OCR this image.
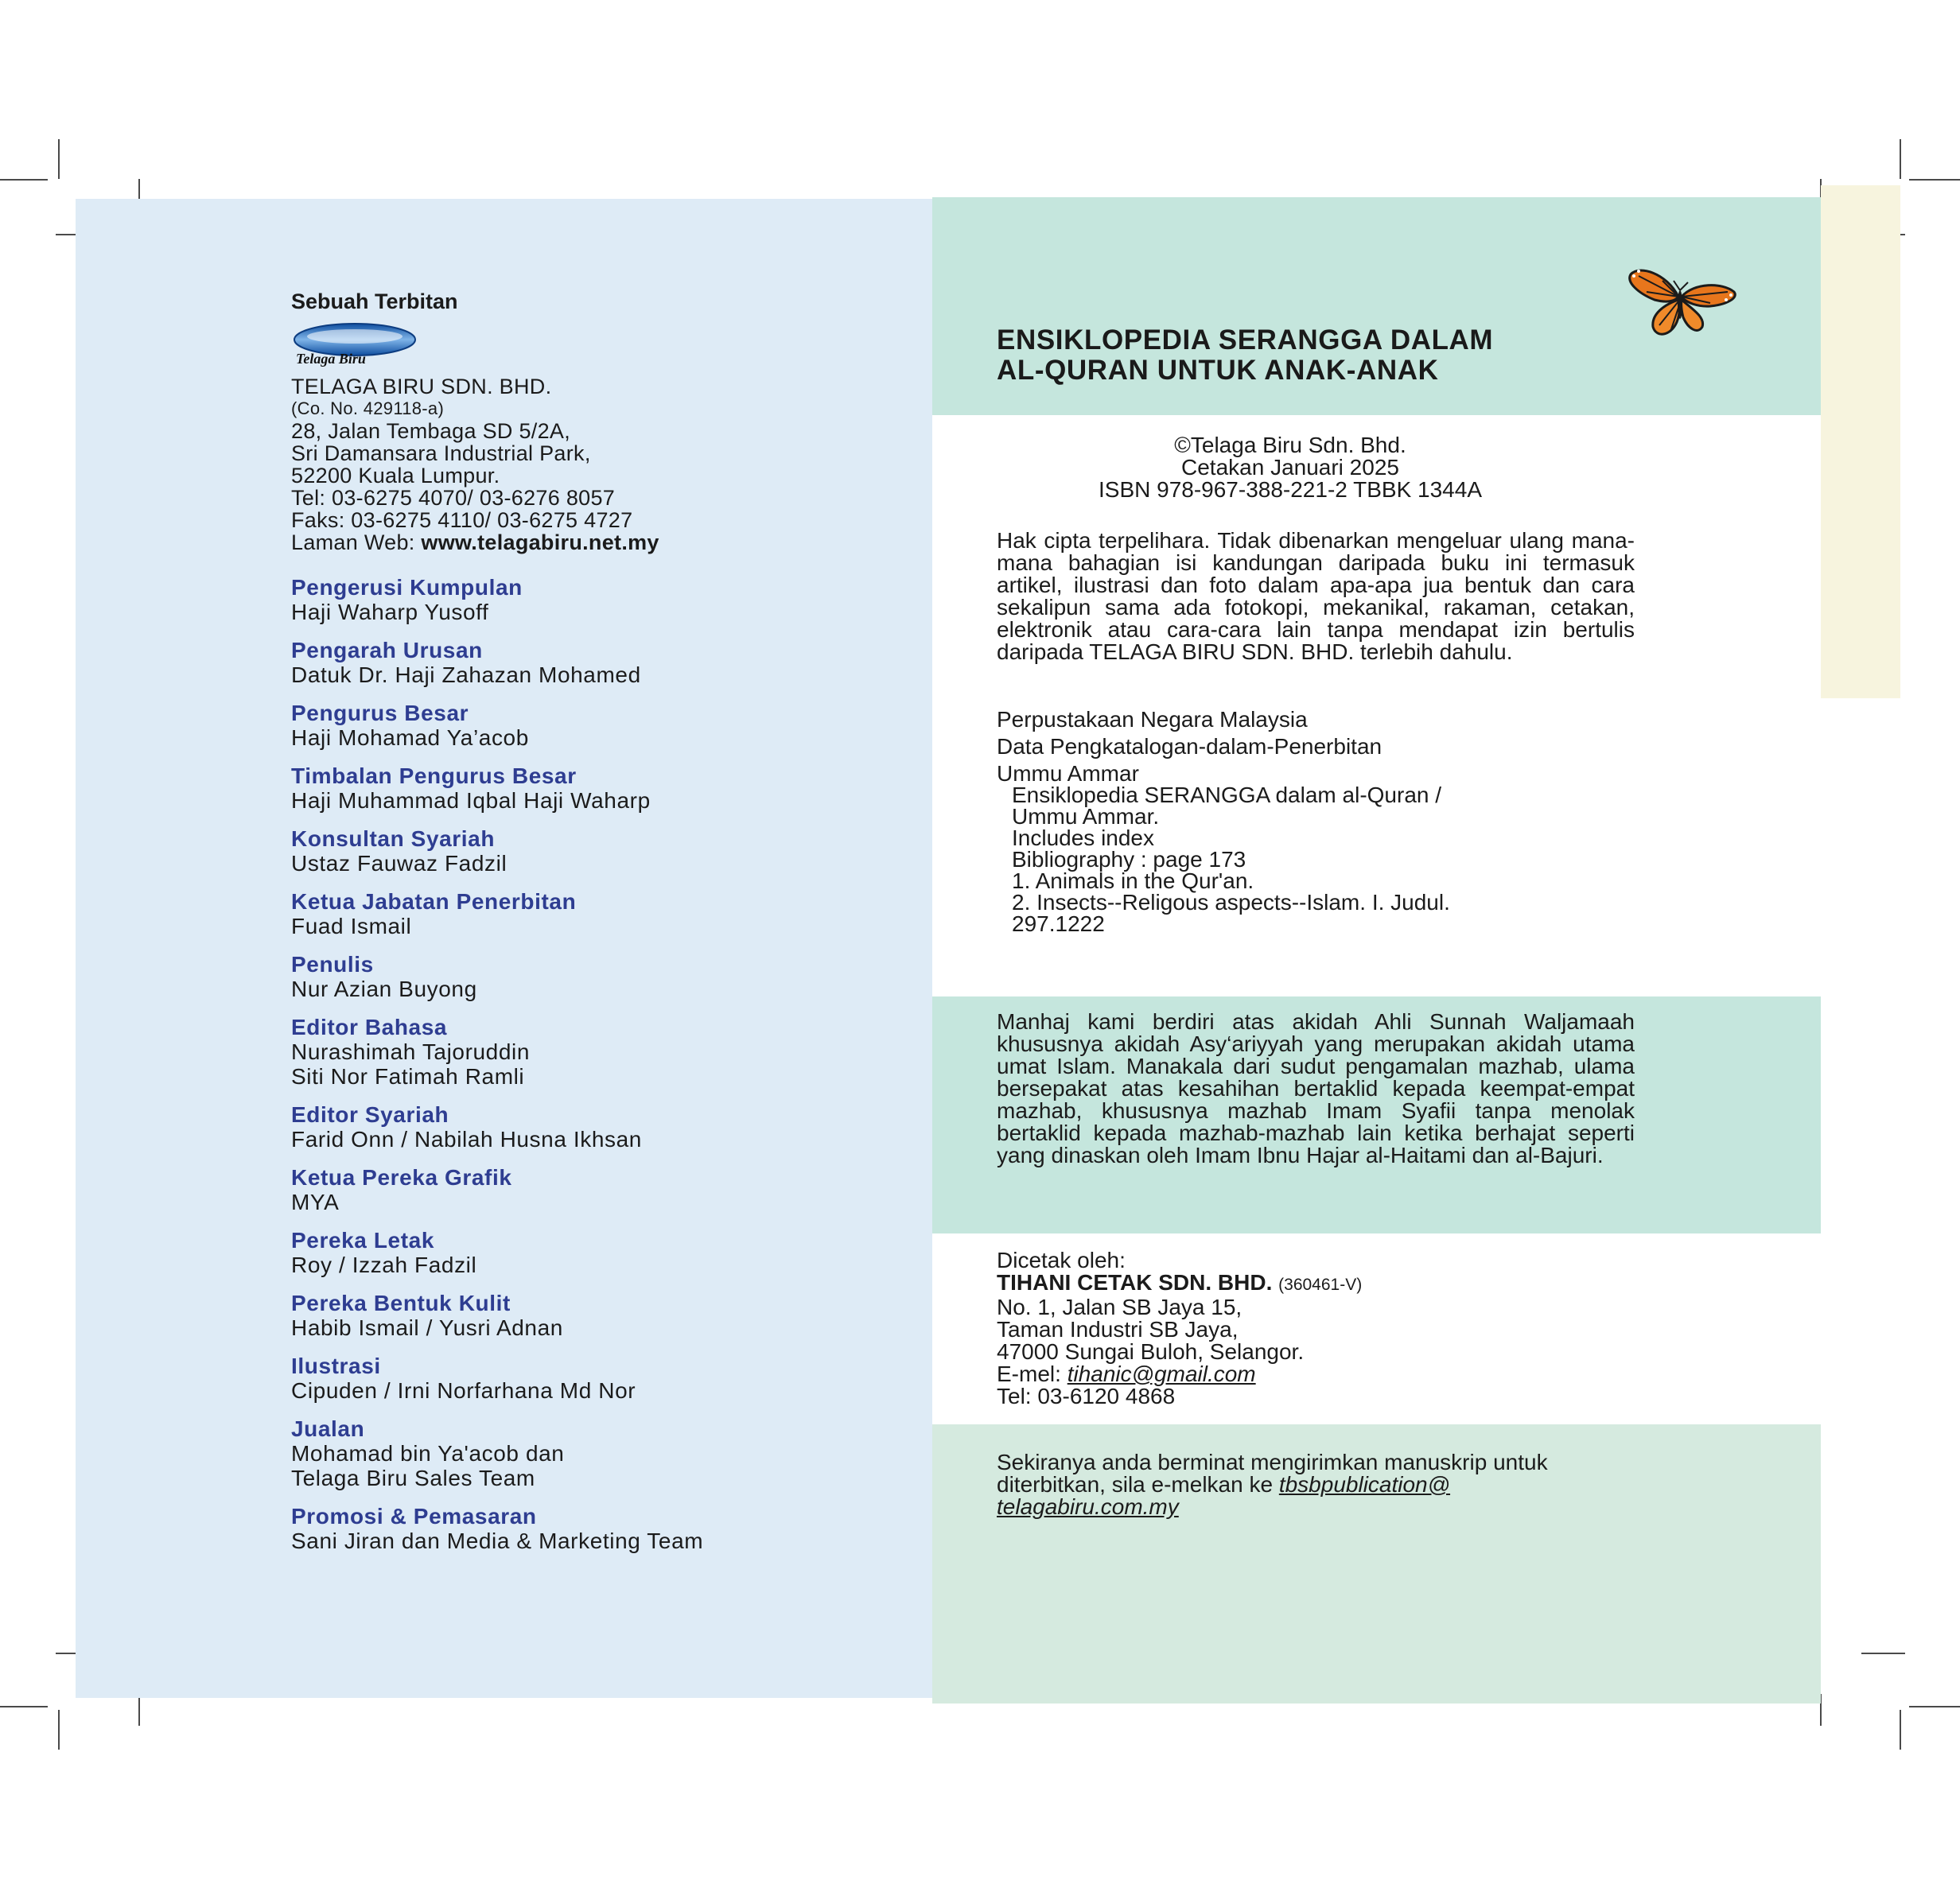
Sebuah Terbitan
Telaga Biru
TELAGA BIRU SDN. BHD.
(Co. No. 429118-a)
28, Jalan Tembaga SD 5/2A,
Sri Damansara Industrial Park,
52200 Kuala Lumpur.
Tel: 03-6275 4070/ 03-6276 8057
Faks: 03-6275 4110/ 03-6275 4727
Laman Web: www.telagabiru.net.my
Pengerusi Kumpulan
Haji Waharp Yusoff
Pengarah Urusan
Datuk Dr. Haji Zahazan Mohamed
Pengurus Besar
Haji Mohamad Ya’acob
Timbalan Pengurus Besar
Haji Muhammad Iqbal Haji Waharp
Konsultan Syariah
Ustaz Fauwaz Fadzil
Ketua Jabatan Penerbitan
Fuad Ismail
Penulis
Nur Azian Buyong
Editor Bahasa
Nurashimah Tajoruddin
Siti Nor Fatimah Ramli
Editor Syariah
Farid Onn / Nabilah Husna Ikhsan
Ketua Pereka Grafik
MYA
Pereka Letak
Roy / Izzah Fadzil
Pereka Bentuk Kulit
Habib Ismail / Yusri Adnan
Ilustrasi
Cipuden / Irni Norfarhana Md Nor
Jualan
Mohamad bin Ya'acob dan
Telaga Biru Sales Team
Promosi & Pemasaran
Sani Jiran dan Media & Marketing Team
ENSIKLOPEDIA SERANGGA DALAM
AL-QURAN UNTUK ANAK-ANAK
©Telaga Biru Sdn. Bhd.
Cetakan Januari 2025
ISBN 978-967-388-221-2 TBBK 1344A
Hak cipta terpelihara. Tidak dibenarkan mengeluar ulang mana-mana bahagian isi kandungan daripada buku ini termasuk artikel, ilustrasi dan foto dalam apa-apa jua bentuk dan cara sekalipun sama ada fotokopi, mekanikal, rakaman, cetakan, elektronik atau cara-cara lain tanpa mendapat izin bertulis daripada TELAGA BIRU SDN. BHD. terlebih dahulu.
Perpustakaan Negara Malaysia
Data Pengkatalogan-dalam-Penerbitan
Ummu Ammar
Ensiklopedia SERANGGA dalam al-Quran /
Ummu Ammar.
Includes index
Bibliography : page 173
1. Animals in the Qur'an.
2. Insects--Religous aspects--Islam. I. Judul.
297.1222
Manhaj kami berdiri atas akidah Ahli Sunnah Waljamaah khususnya akidah Asy‘ariyyah yang merupakan akidah utama umat Islam. Manakala dari sudut pengamalan mazhab, ulama bersepakat atas kesahihan bertaklid kepada keempat-empat mazhab, khususnya mazhab Imam Syafii tanpa menolak bertaklid kepada mazhab-mazhab lain ketika berhajat seperti yang dinaskan oleh Imam Ibnu Hajar al-Haitami dan al-Bajuri.
Dicetak oleh:
TIHANI CETAK SDN. BHD. (360461-V)
No. 1, Jalan SB Jaya 15,
Taman Industri SB Jaya,
47000 Sungai Buloh, Selangor.
E-mel: tihanic@gmail.com
Tel: 03-6120 4868
Sekiranya anda berminat mengirimkan manuskrip untuk diterbitkan, sila e-melkan ke tbsbpublication@
telagabiru.com.my
